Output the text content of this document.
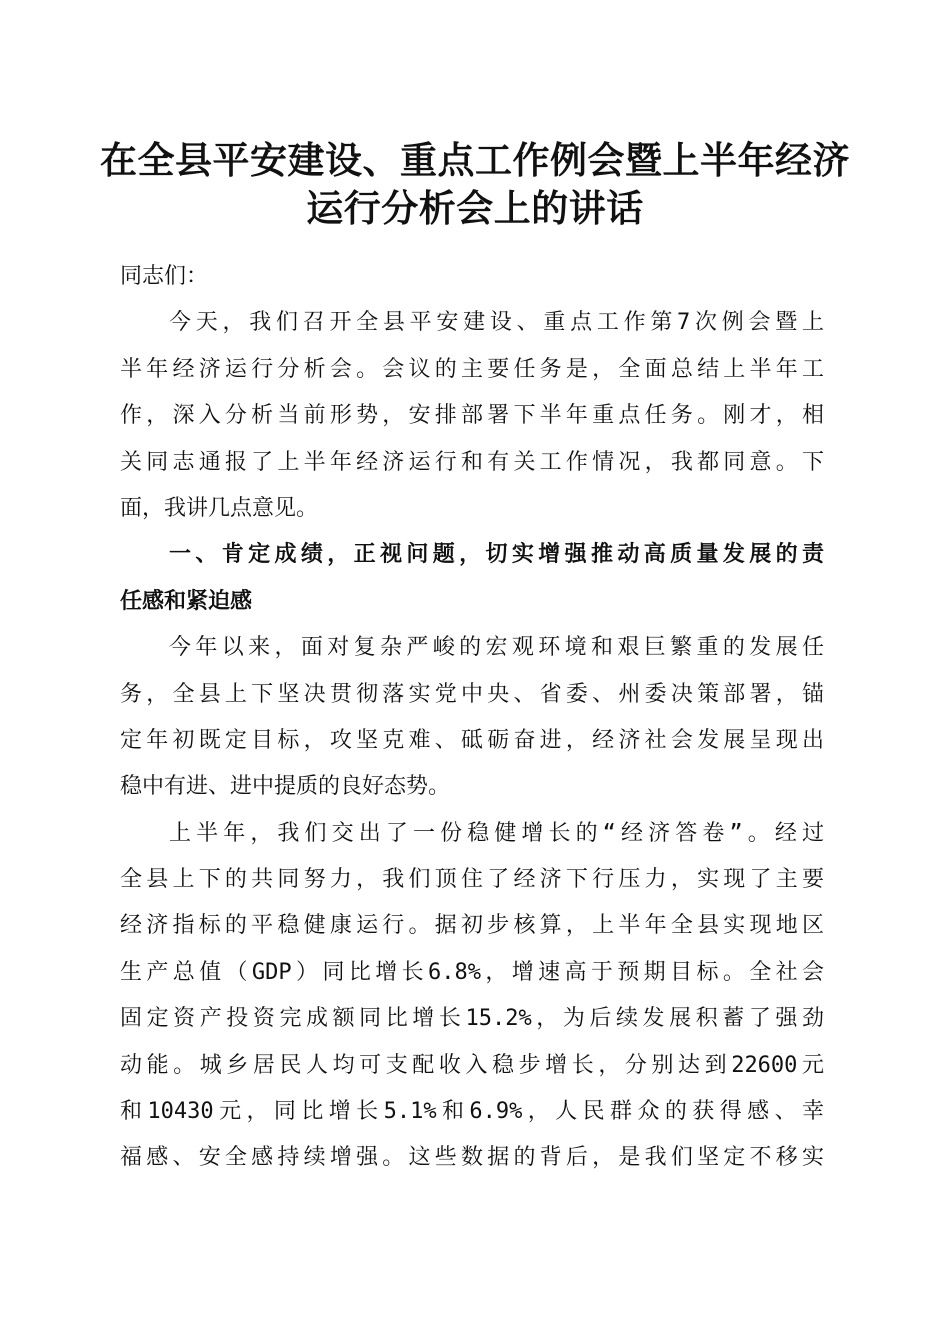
在全县平安建设、重点工作例会暨上半年经济
运行分析会上的讲话
同志们：
今天，我们召开全县平安建设、重点工作第7次例会暨上
半年经济运行分析会。会议的主要任务是，全面总结上半年工
作，深入分析当前形势，安排部署下半年重点任务。刚才，相
关同志通报了上半年经济运行和有关工作情况，我都同意。下
面，我讲几点意见。
一、肯定成绩，正视问题，切实增强推动高质量发展的责
任感和紧迫感
今年以来，面对复杂严峻的宏观环境和艰巨繁重的发展任
务，全县上下坚决贯彻落实党中央、省委、州委决策部署，锚
定年初既定目标，攻坚克难、砥砺奋进，经济社会发展呈现出
稳中有进、进中提质的良好态势。
上半年，我们交出了一份稳健增长的“经济答卷”。经过
全县上下的共同努力，我们顶住了经济下行压力，实现了主要
经济指标的平稳健康运行。据初步核算，上半年全县实现地区
生产总值（GDP）同比增长6.8%，增速高于预期目标。全社会
固定资产投资完成额同比增长15.2%，为后续发展积蓄了强劲
动能。城乡居民人均可支配收入稳步增长，分别达到22600元
和10430元，同比增长5.1%和6.9%，人民群众的获得感、幸
福感、安全感持续增强。这些数据的背后，是我们坚定不移实
